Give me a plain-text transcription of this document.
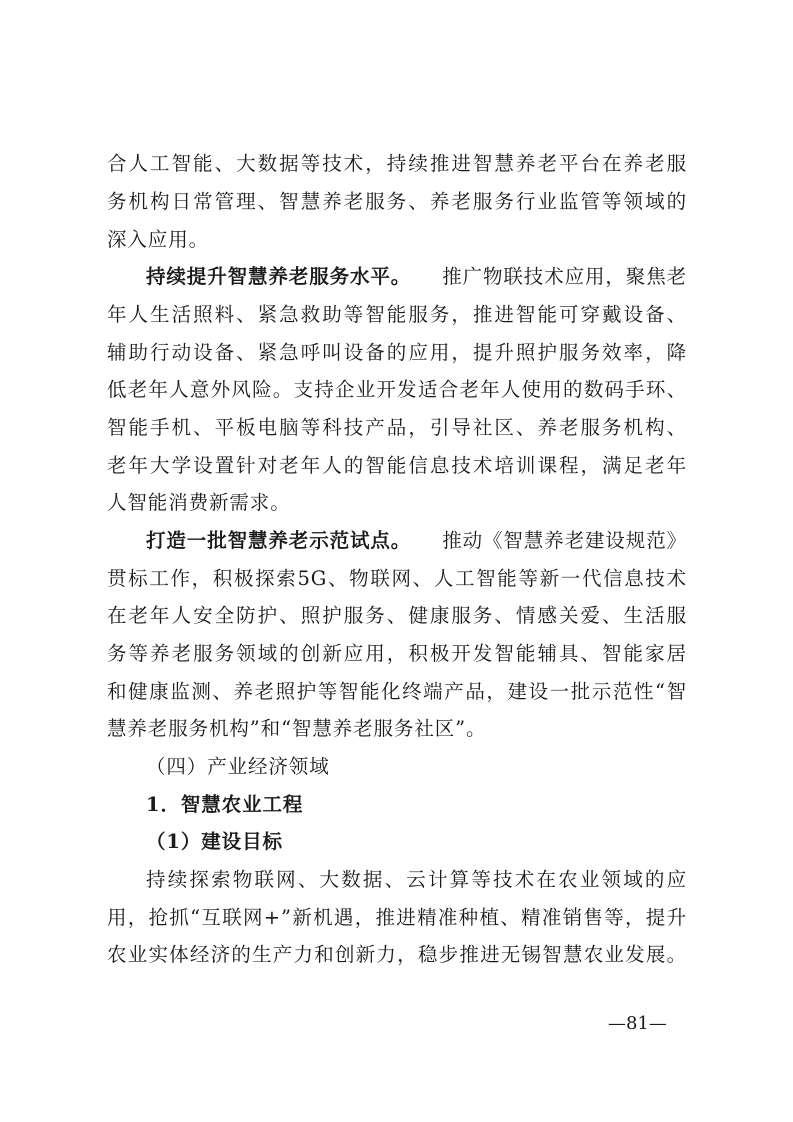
合人工智能、大数据等技术，持续推进智慧养老平台在养老服
务机构日常管理、智慧养老服务、养老服务行业监管等领域的
深入应用。
持续提升智慧养老服务水平。 推广物联技术应用，聚焦老
年人生活照料、紧急救助等智能服务，推进智能可穿戴设备、
辅助行动设备、紧急呼叫设备的应用，提升照护服务效率，降
低老年人意外风险。支持企业开发适合老年人使用的数码手环、
智能手机、平板电脑等科技产品，引导社区、养老服务机构、
老年大学设置针对老年人的智能信息技术培训课程，满足老年
人智能消费新需求。
打造一批智慧养老示范试点。 推动《智慧养老建设规范》
贯标工作，积极探索5G、物联网、人工智能等新一代信息技术
在老年人安全防护、照护服务、健康服务、情感关爱、生活服
务等养老服务领域的创新应用，积极开发智能辅具、智能家居
和健康监测、养老照护等智能化终端产品，建设一批示范性“智
慧养老服务机构”和“智慧养老服务社区”。
（四）产业经济领域
1．智慧农业工程
（1）建设目标
持续探索物联网、大数据、云计算等技术在农业领域的应
用，抢抓“互联网+”新机遇，推进精准种植、精准销售等，提升
农业实体经济的生产力和创新力，稳步推进无锡智慧农业发展。
—81—
